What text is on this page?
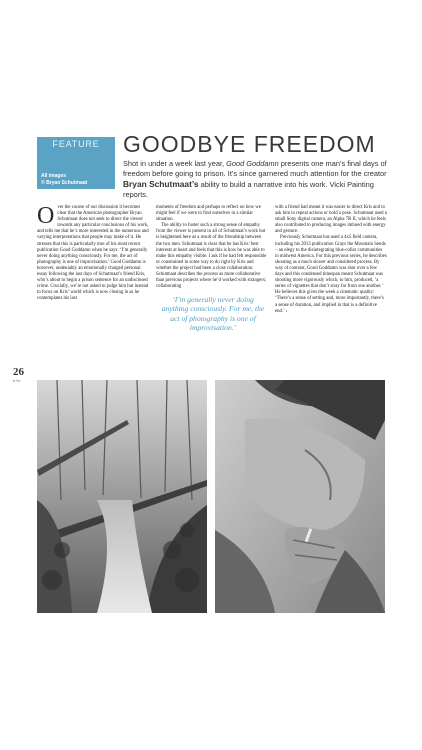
FEATURE
All images
© Bryan Schutmaat
GOODBYE FREEDOM
Shot in under a week last year, Good Goddamn presents one man’s final days of freedom before going to prison. It’s since garnered much attention for the creator Bryan Schutmaat’s ability to build a narrative into his work. Vicki Painting reports.

Over the course of our discussion it becomes clear that the American photographer Bryan Schutmaat does not seek to direct the viewer towards any particular conclusions of his work, and tells me that he’s more interested in the numerous and varying interpretations that people may make of it. He stresses that this is particularly true of his most recent publication Good Goddamn when he says: ‘I’m generally never doing anything consciously. For me, the act of photography is one of improvisation.’ Good Goddamn is however, undeniably an emotionally charged personal essay following the last days of Schutmaat’s friend Kris, who’s about to begin a prison sentence for an undisclosed crime. Crucially, we’re not asked to judge him but instead to focus on Kris’ world which is now closing in as he contemplates his last

moments of freedom and perhaps to reflect on how we might feel if we were to find ourselves in a similar situation.

The ability to foster such a strong sense of empathy from the viewer is present in all of Schutmaat’s work but is heightened here as a result of the friendship between the two men. Schutmaat is clear that he has Kris’ best interests at heart and feels that this is how he was able to make this empathy visible. I ask if he had felt responsible or constrained in some way to do right by Kris and whether the project had been a close collaboration. Schutmaat describes the process as more collaborative than previous projects where he’d worked with strangers; collaborating

‘I’m generally never doing anything consciously. For me, the act of photography is one of improvisation.’

with a friend had meant it was easier to direct Kris and to ask him to repeat actions or hold a pose. Schutmaat used a small Sony digital camera, an Alpha 7R II, which he feels also contributed to producing images imbued with energy and gesture.

Previously Schutmaat has used a 4x5 field camera, including his 2013 publication Grays the Mountain Sends – an elegy to the disintegrating blue-collar communities in midwest America. For this previous series, he describes shooting as a much slower and considered process. By way of contrast, Good Goddamn was shot over a few days and this condensed timespan meant Schutmaat was shooting more vigorously which, to him, produced, ‘a series of vignettes that don’t stray far from one another.’ He believes this gives the week a cinematic quality: ‘There’s a sense of setting and, more importantly, there’s a sense of duration, and implied in that is a definitive end.’ ›

26
b+w
